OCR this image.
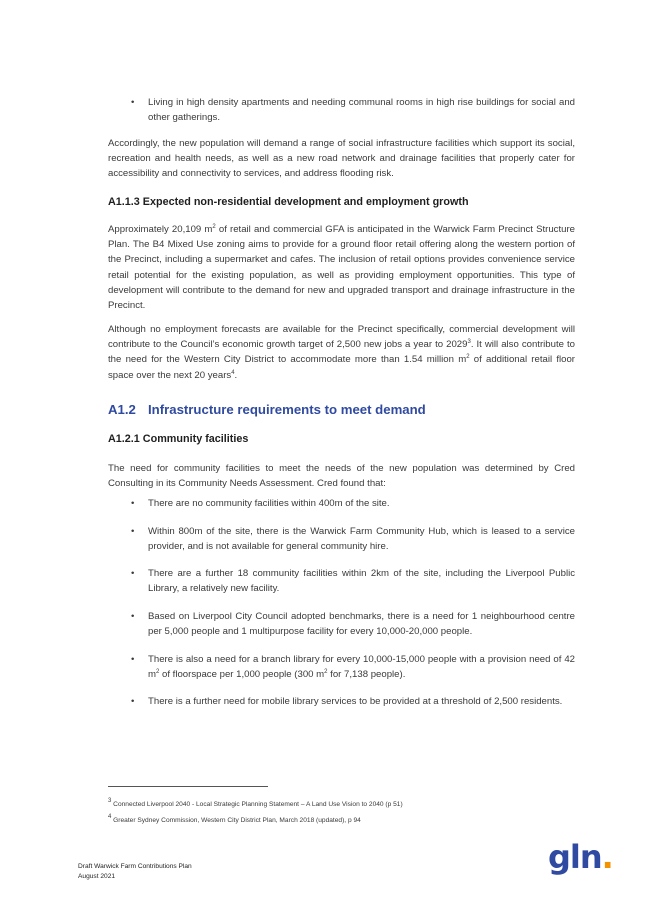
• Living in high density apartments and needing communal rooms in high rise buildings for social and other gatherings.

Accordingly, the new population will demand a range of social infrastructure facilities which support its social, recreation and health needs, as well as a new road network and drainage facilities that properly cater for accessibility and connectivity to services, and address flooding risk.

A1.1.3 Expected non-residential development and employment growth

Approximately 20,109 $m^2$ of retail and commercial GFA is anticipated in the Warwick Farm Precinct Structure Plan. The B4 Mixed Use zoning aims to provide for a ground floor retail offering along the western portion of the Precinct, including a supermarket and cafes. The inclusion of retail options provides convenience service retail potential for the existing population, as well as providing employment opportunities. This type of development will contribute to the demand for new and upgraded transport and drainage infrastructure in the Precinct.

Although no employment forecasts are available for the Precinct specifically, commercial development will contribute to the Council’s economic growth target of 2,500 new jobs a year to 2029$^3$. It will also contribute to the need for the Western City District to accommodate more than 1.54 million $m^2$ of additional retail floor space over the next 20 years$^4$.

A1.2 Infrastructure requirements to meet demand
A1.2.1 Community facilities

The need for community facilities to meet the needs of the new population was determined by Cred Consulting in its Community Needs Assessment. Cred found that:

• There are no community facilities within 400m of the site.
• Within 800m of the site, there is the Warwick Farm Community Hub, which is leased to a service provider, and is not available for general community hire.
• There are a further 18 community facilities within 2km of the site, including the Liverpool Public Library, a relatively new facility.
• Based on Liverpool City Council adopted benchmarks, there is a need for 1 neighbourhood centre per 5,000 people and 1 multipurpose facility for every 10,000-20,000 people.
• There is also a need for a branch library for every 10,000-15,000 people with a provision need of 42 $m^2$ of floorspace per 1,000 people (300 $m^2$ for 7,138 people).
• There is a further need for mobile library services to be provided at a threshold of 2,500 residents.
$^3$ Connected Liverpool 2040 - Local Strategic Planning Statement – A Land Use Vision to 2040 (p 51)
$^4$ Greater Sydney Commission, Western City District Plan, March 2018 (updated), p 94
Draft Warwick Farm Contributions Plan
August 2021
gln.
